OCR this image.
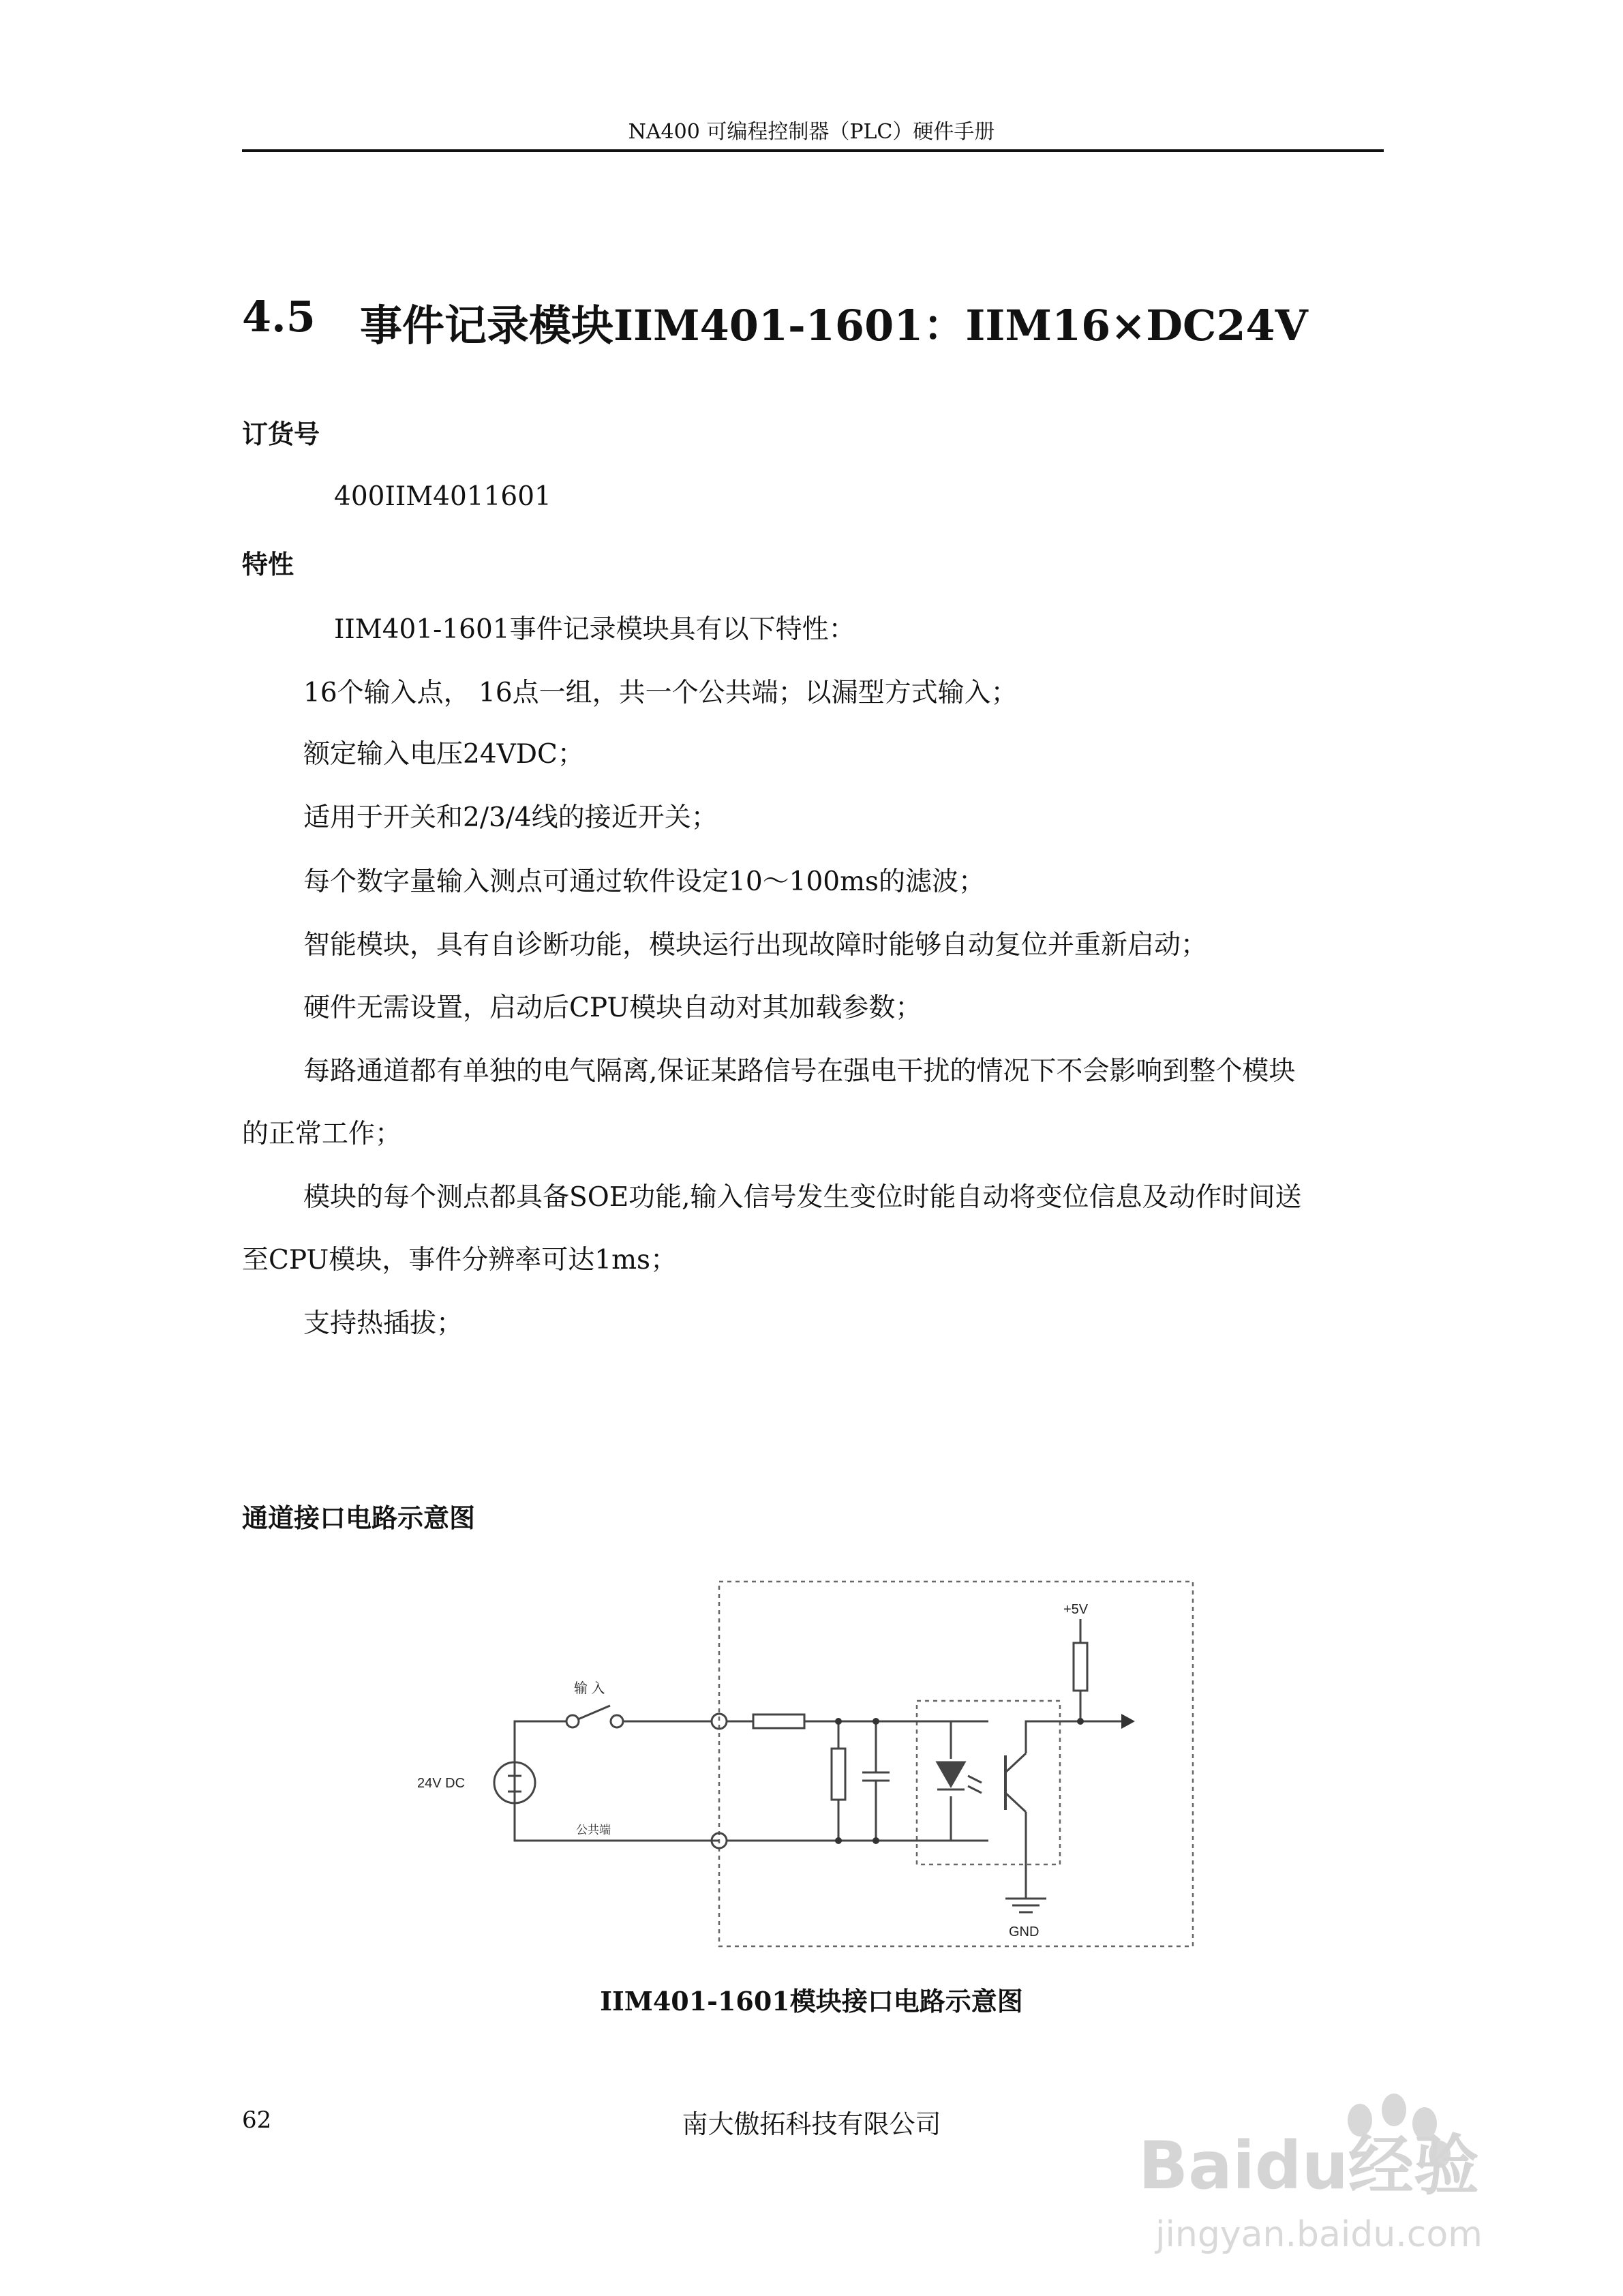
NA400 可编程控制器（PLC）硬件手册
4.5 事件记录模块IIM401-1601：IIM16×DC24V
订货号
400IIM4011601
特性
IIM401-1601事件记录模块具有以下特性：
16个输入点， 16点一组，共一个公共端；以漏型方式输入；
额定输入电压24VDC；
适用于开关和2/3/4线的接近开关；
每个数字量输入测点可通过软件设定10～100ms的滤波；
智能模块，具有自诊断功能，模块运行出现故障时能够自动复位并重新启动；
硬件无需设置，启动后CPU模块自动对其加载参数；
每路通道都有单独的电气隔离,保证某路信号在强电干扰的情况下不会影响到整个模块
的正常工作；
模块的每个测点都具备SOE功能,输入信号发生变位时能自动将变位信息及动作时间送
至CPU模块，事件分辨率可达1ms；
支持热插拔；
通道接口电路示意图
输 入
24V DC
公共端
+5V
GND
IIM401-1601模块接口电路示意图
62	南大傲拓科技有限公司
Baidu经验
jingyan.baidu.com
